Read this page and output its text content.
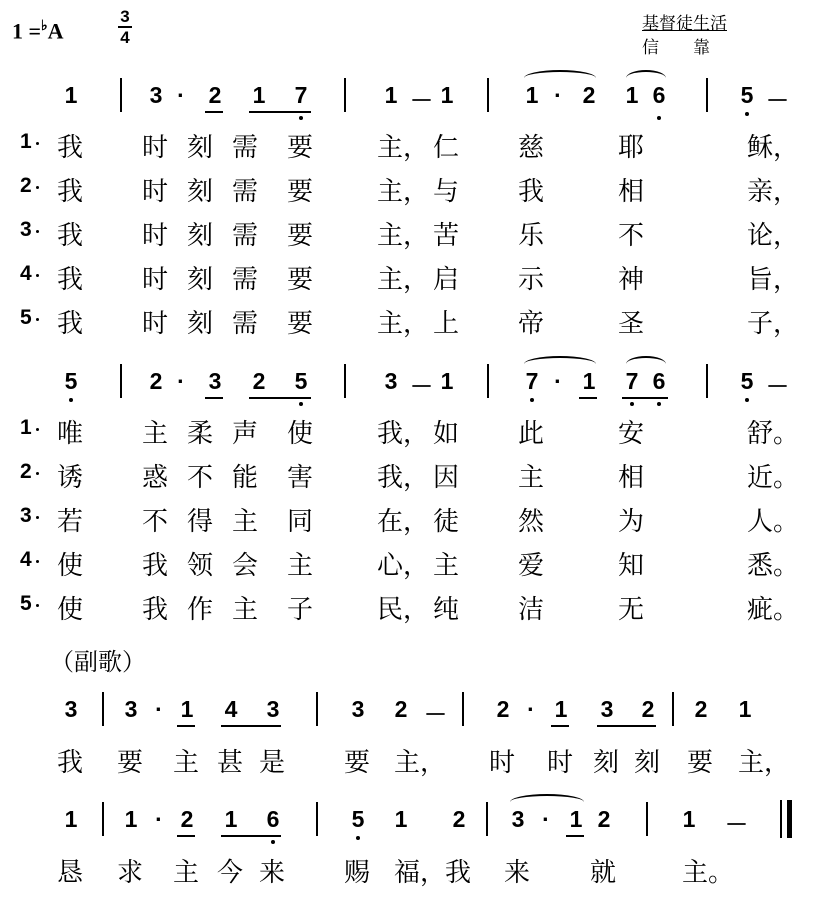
1 =♭A
3
4
基督徒生活
信　　靠
（副歌）
1	3 · 2 1 7	1 － 1	1 · 2 1 6	5 －
1 我 时 刻 需 要 主， 仁 慈	耶	稣，
2 我 时 刻 需 要 主， 与 我	相	亲，
3 我 时 刻 需 要 主， 苦 乐	不	论，
4 我 时 刻 需 要 主， 启 示	神	旨，
5 我 时 刻 需 要 主， 上 帝	圣	子，
5	2 · 3 2 5	3 － 1	7 · 1 7 6	5 －
1 唯 主 柔 声 使 我， 如 此	安	舒。
2 诱 惑 不 能 害 我， 因 主	相	近。
3 若 不 得 主 同 在， 徒 然	为	人。
4 使 我 领 会 主 心， 主 爱	知	悉。
5 使 我 作 主 子 民， 纯 洁	无	疵。
3 3 · 1 4 3	3 2 － 2 · 1 3 2 2 1
我 要 主 甚 是 要 主， 时 时 刻 刻 要 主，
1 1 · 2 1 6	5 1 2 3 · 1 2	1 －
恳 求 主 今 来 赐 福，
我 来 就	主。
